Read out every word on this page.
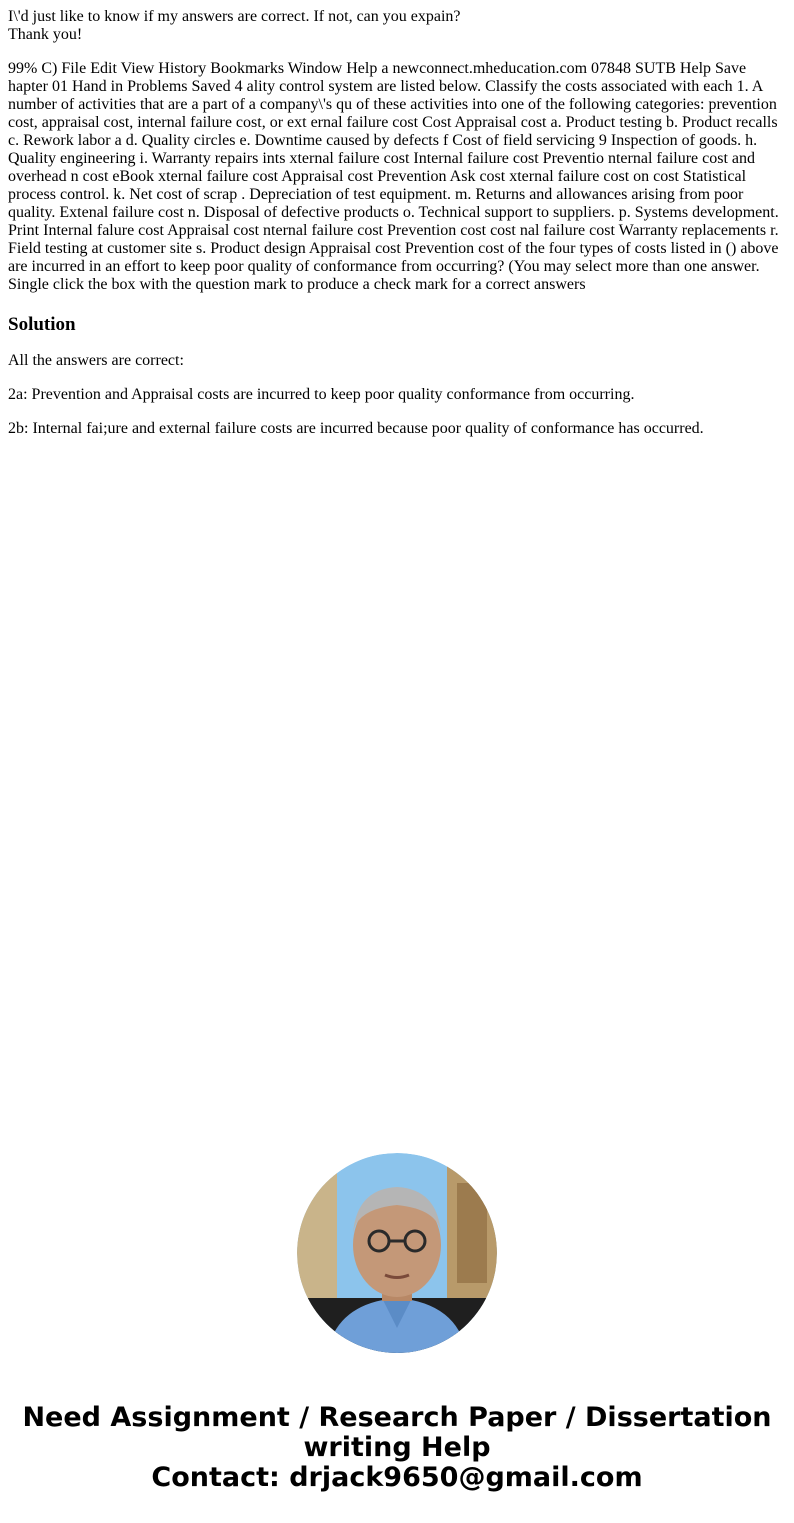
I\'d just like to know if my answers are correct. If not, can you expain?

Thank you!

99% C) File Edit View History Bookmarks Window Help a newconnect.mheducation.com 07848 SUTB Help Save hapter 01 Hand in Problems Saved 4 ality control system are listed below. Classify the costs associated with each 1. A number of activities that are a part of a company\'s qu of these activities into one of the following categories: prevention cost, appraisal cost, internal failure cost, or ext ernal failure cost Cost Appraisal cost a. Product testing b. Product recalls c. Rework labor a d. Quality circles e. Downtime caused by defects f Cost of field servicing 9 Inspection of goods. h. Quality engineering i. Warranty repairs ints xternal failure cost Internal failure cost Preventio nternal failure cost and overhead n cost eBook xternal failure cost Appraisal cost Prevention Ask cost xternal failure cost on cost Statistical process control. k. Net cost of scrap . Depreciation of test equipment. m. Returns and allowances arising from poor quality. Extenal failure cost n. Disposal of defective products o. Technical support to suppliers. p. Systems development. Print Internal falure cost Appraisal cost nternal failure cost Prevention cost cost nal failure cost Warranty replacements r. Field testing at customer site s. Product design Appraisal cost Prevention cost of the four types of costs listed in () above are incurred in an effort to keep poor quality of conformance from occurring? (You may select more than one answer. Single click the box with the question mark to produce a check mark for a correct answers

Solution

All the answers are correct:

2a: Prevention and Appraisal costs are incurred to keep poor quality conformance from occurring.

2b: Internal fai;ure and external failure costs are incurred because poor quality of conformance has occurred.

Need Assignment / Research Paper / Dissertation
writing Help
Contact: drjack9650@gmail.com
